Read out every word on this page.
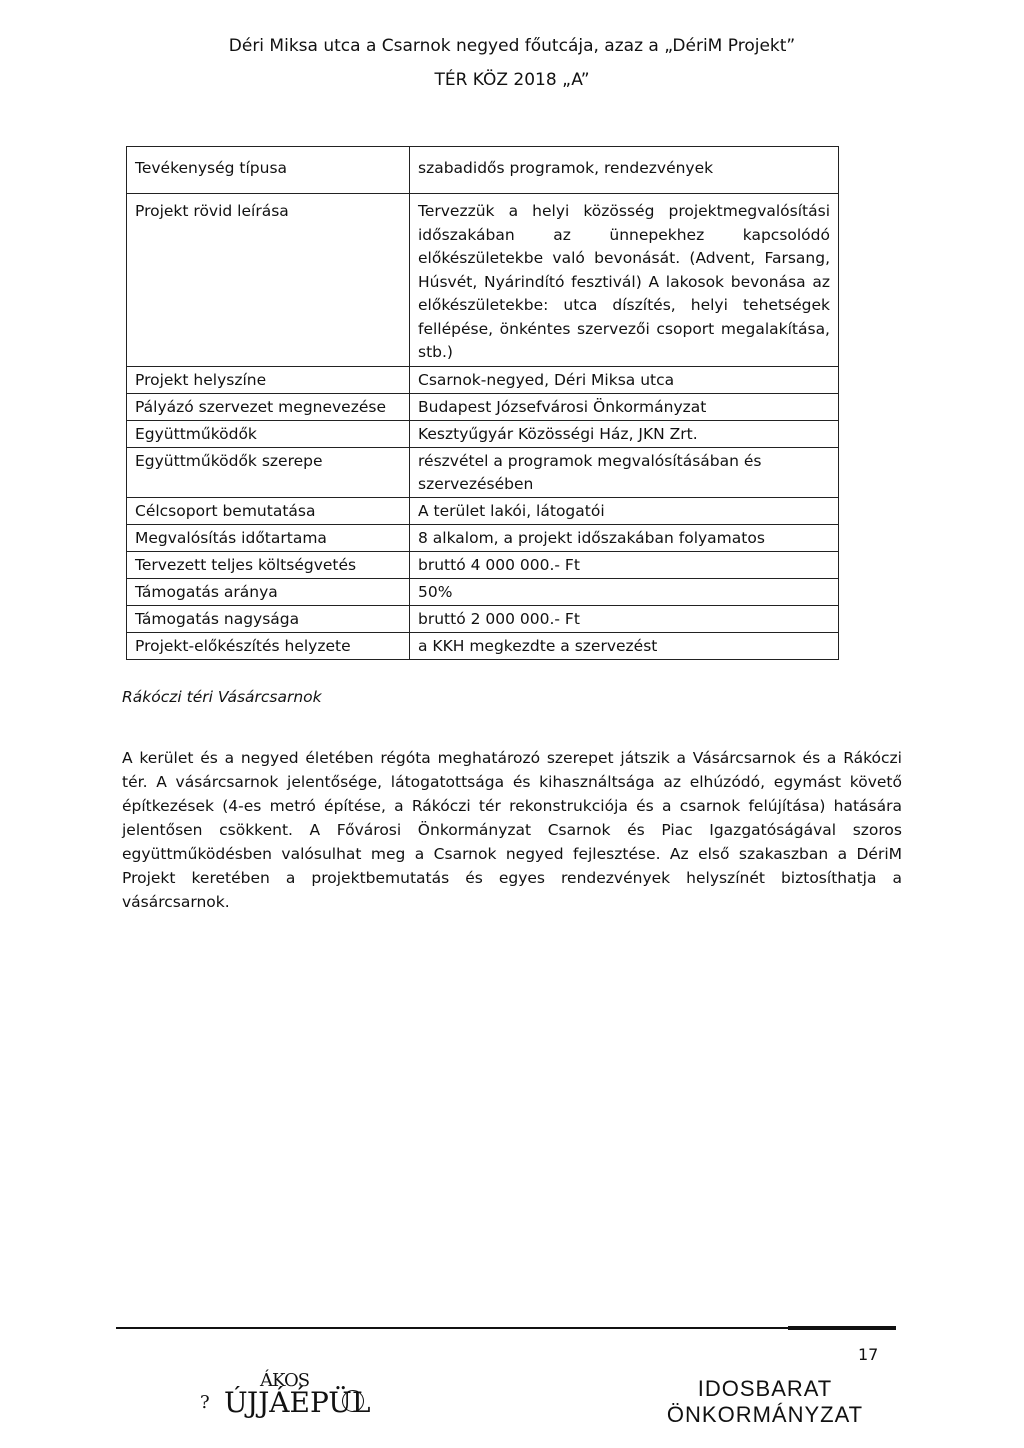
Déri Miksa utca a Csarnok negyed főutcája, azaz a „DériM Projekt”
TÉR KÖZ 2018 „A”
Tevékenység típusa	szabadidős programok, rendezvények
Projekt rövid leírása	Tervezzük a helyi közösség projektmegvalósítási időszakában az ünnepekhez kapcsolódó előkészületekbe való bevonását. (Advent, Farsang, Húsvét, Nyárindító fesztivál) A lakosok bevonása az előkészületekbe: utca díszítés, helyi tehetségek fellépése, önkéntes szervezői csoport megalakítása, stb.)
Projekt helyszíne	Csarnok-negyed, Déri Miksa utca
Pályázó szervezet megnevezése	Budapest Józsefvárosi Önkormányzat
Együttműködők	Kesztyűgyár Közösségi Ház, JKN Zrt.
Együttműködők szerepe	részvétel a programok megvalósításában és szervezésében
Célcsoport bemutatása	A terület lakói, látogatói
Megvalósítás időtartama	8 alkalom, a projekt időszakában folyamatos
Tervezett teljes költségvetés	bruttó 4 000 000.- Ft
Támogatás aránya	50%
Támogatás nagysága	bruttó 2 000 000.- Ft
Projekt-előkészítés helyzete	a KKH megkezdte a szervezést
Rákóczi téri Vásárcsarnok
A kerület és a negyed életében régóta meghatározó szerepet játszik a Vásárcsarnok és a Rákóczi tér. A vásárcsarnok jelentősége, látogatottsága és kihasználtsága az elhúzódó, egymást követő építkezések (4-es metró építése, a Rákóczi tér rekonstrukciója és a csarnok felújítása) hatására jelentősen csökkent. A Fővárosi Önkormányzat Csarnok és Piac Igazgatóságával szoros együttműködésben valósulhat meg a Csarnok negyed fejlesztése. Az első szakaszban a DériM Projekt keretében a projektbemutatás és egyes rendezvények helyszínét biztosíthatja a vásárcsarnok.
17
ÁKOS
? ÚJJÁÉPÜL	IDOSBARAT
ÖNKORMÁNYZAT
